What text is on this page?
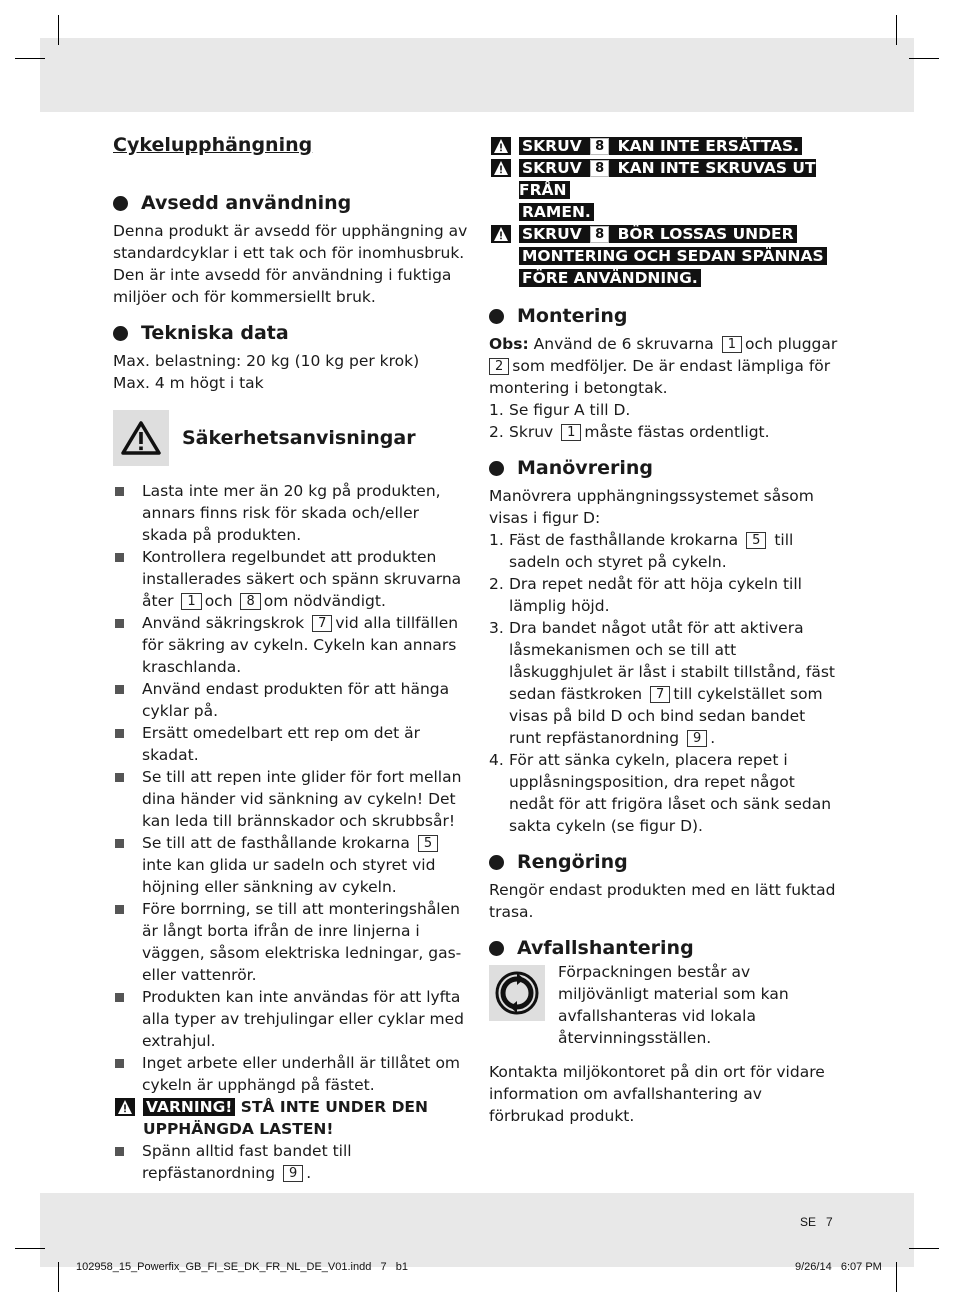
Cykelupphängning
Avsedd användning

Denna produkt är avsedd för upphängning av standardcyklar i ett tak och för inomhusbruk. Den är inte avsedd för användning i fuktiga miljöer och för kommersiellt bruk.

Tekniska data

Max. belastning: 20 kg (10 kg per krok)

Max. 4 m högt i tak

Säkerhetsanvisningar
Lasta inte mer än 20 kg på produkten, annars finns risk för skada och/eller skada på produkten.
Kontrollera regelbundet att produkten installerades säkert och spänn skruvarna åter 1 och 8 om nödvändigt.
Använd säkringskrok 7 vid alla tillfällen för säkring av cykeln. Cykeln kan annars kraschlanda.
Använd endast produkten för att hänga cyklar på.
Ersätt omedelbart ett rep om det är skadat.
Se till att repen inte glider för fort mellan dina händer vid sänkning av cykeln! Det kan leda till brännskador och skrubbsår!
Se till att de fasthållande krokarna 5inte kan glida ur sadeln och styret vid höjning eller sänkning av cykeln.
Före borrning, se till att monteringshålen är långt borta ifrån de inre linjerna i väggen, såsom elektriska ledningar, gas- eller vattenrör.
Produkten kan inte användas för att lyfta alla typer av trehjulingar eller cyklar med extrahjul.
Inget arbete eller underhåll är tillåtet om cykeln är upphängd på fästet.
VARNING! STÅ INTE UNDER DEN UPPHÄNGDA LASTEN!
Spänn alltid fast bandet till repfästanordning 9 .
SKRUV 8 KAN INTE ERSÄTTAS.
SKRUV 8 KAN INTE SKRUVAS UT FRÅN
RAMEN.
SKRUV 8 BÖR LOSSAS UNDER
MONTERING OCH SEDAN SPÄNNAS
FÖRE ANVÄNDNING.
Montering

Obs: Använd de 6 skruvarna 1 och pluggar
2 som medföljer. De är endast lämpliga för montering i betongtak.

1. Se figur A till D.
2. Skruv 1 måste fästas ordentligt.
Manövrering

Manövrera upphängningssystemet såsom visas i figur D:

1. Fäst de fasthållande krokarna 5 till sadeln och styret på cykeln.
2. Dra repet nedåt för att höja cykeln till lämplig höjd.
3. Dra bandet något utåt för att aktivera låsmekanismen och se till att låskugghjulet är låst i stabilt tillstånd, fäst sedan fästkroken 7 till cykelstället som visas på bild D och bind sedan bandet runt repfästanordning 9 .
4. För att sänka cykeln, placera repet i upplåsningsposition, dra repet något nedåt för att frigöra låset och sänk sedan sakta cykeln (se figur D).
Rengöring

Rengör endast produkten med en lätt fuktad trasa.

Avfallshantering

Förpackningen består av miljövänligt material som kan avfallshanteras vid lokala återvinningsställen.

Kontakta miljökontoret på din ort för vidare information om avfallshantering av förbrukad produkt.

SE   7
102958_15_Powerfix_GB_FI_SE_DK_FR_NL_DE_V01.indd   7   b1	9/26/14   6:07 PM
